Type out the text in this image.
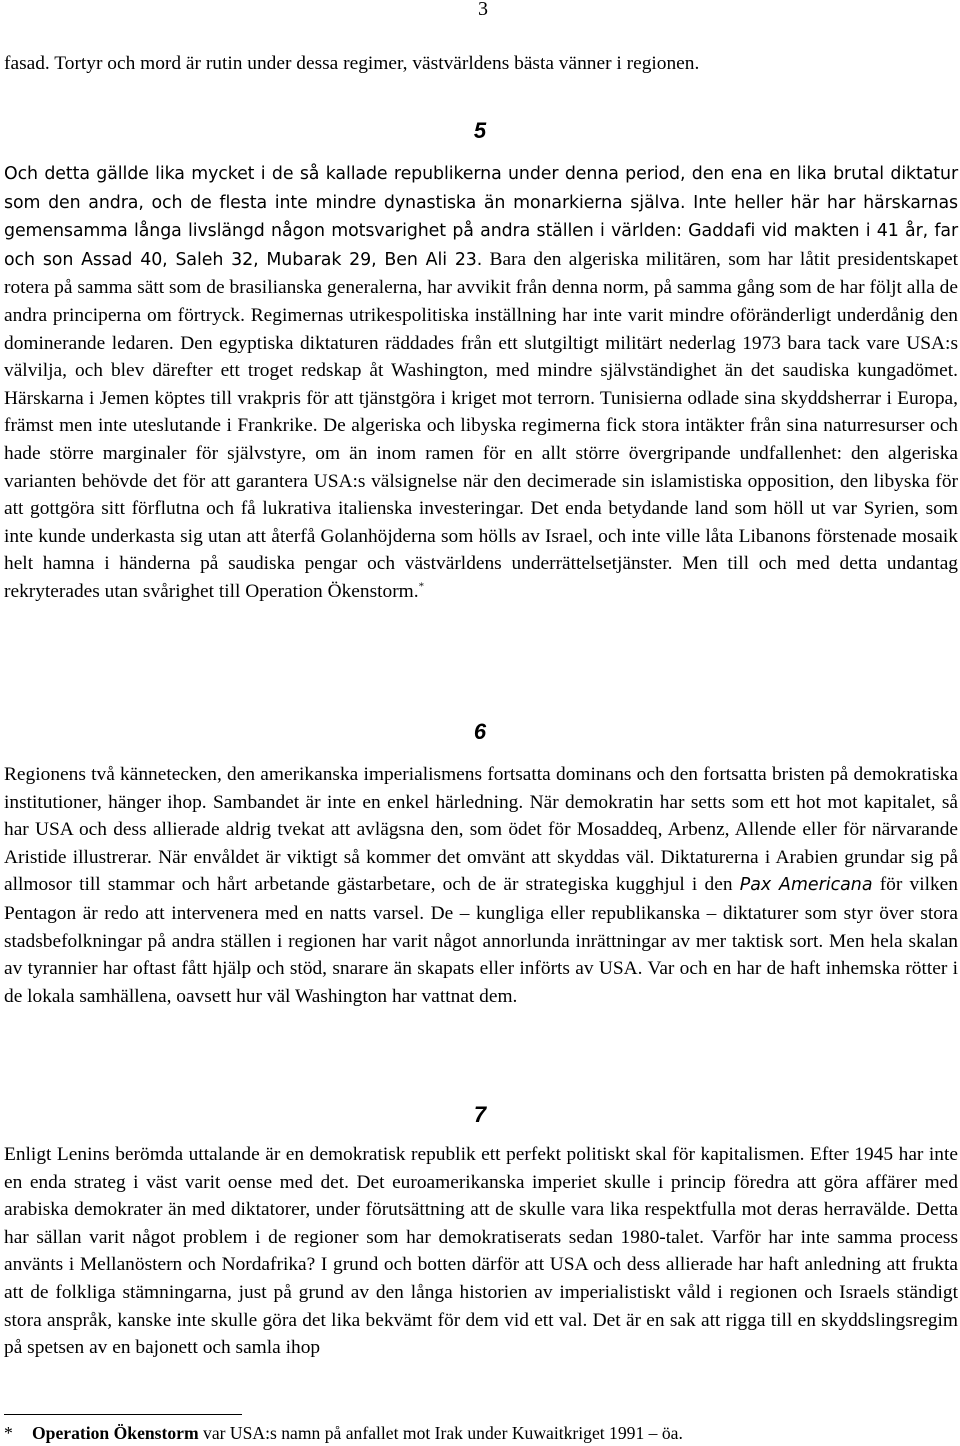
3

fasad. Tortyr och mord är rutin under dessa regimer, västvärldens bästa vänner i regionen.

5

Och detta gällde lika mycket i de så kallade republikerna under denna period, den ena en lika brutal diktatur som den andra, och de flesta inte mindre dynastiska än monarkierna själva. Inte heller här har härskarnas gemensamma långa livslängd någon motsvarighet på andra ställen i världen: Gaddafi vid makten i 41 år, far och son Assad 40, Saleh 32, Mubarak 29, Ben Ali 23. Bara den algeriska militären, som har låtit presidentskapet rotera på samma sätt som de brasilianska generalerna, har avvikit från denna norm, på samma gång som de har följt alla de andra principerna om förtryck. Regimernas utrikespolitiska inställning har inte varit mindre oföränderligt underdånig den dominerande ledaren. Den egyptiska diktaturen räddades från ett slutgiltigt militärt nederlag 1973 bara tack vare USA:s välvilja, och blev därefter ett troget redskap åt Washington, med mindre självständighet än det saudiska kungadömet. Härskarna i Jemen köptes till vrakpris för att tjänstgöra i kriget mot terrorn. Tunisierna odlade sina skyddsherrar i Europa, främst men inte uteslutande i Frankrike. De algeriska och libyska regimerna fick stora intäkter från sina naturresurser och hade större marginaler för självstyre, om än inom ramen för en allt större övergripande undfallenhet: den algeriska varianten behövde det för att garantera USA:s välsignelse när den decimerade sin islamistiska opposition, den libyska för att gottgöra sitt förflutna och få lukrativa italienska investeringar. Det enda betydande land som höll ut var Syrien, som inte kunde underkasta sig utan att återfå Golanhöjderna som hölls av Israel, och inte ville låta Libanons förstenade mosaik helt hamna i händerna på saudiska pengar och västvärldens underrättelsetjänster. Men till och med detta undantag rekryterades utan svårighet till Operation Ökenstorm.*

6

Regionens två kännetecken, den amerikanska imperialismens fortsatta dominans och den fortsatta bristen på demokratiska institutioner, hänger ihop. Sambandet är inte en enkel härledning. När demokratin har setts som ett hot mot kapitalet, så har USA och dess allierade aldrig tvekat att avlägsna den, som ödet för Mosaddeq, Arbenz, Allende eller för närvarande Aristide illustrerar. När envåldet är viktigt så kommer det omvänt att skyddas väl. Diktaturerna i Arabien grundar sig på allmosor till stammar och hårt arbetande gästarbetare, och de är strategiska kugghjul i den Pax Americana för vilken Pentagon är redo att intervenera med en natts varsel. De – kungliga eller republikanska – diktaturer som styr över stora stadsbefolkningar på andra ställen i regionen har varit något annorlunda inrättningar av mer taktisk sort. Men hela skalan av tyrannier har oftast fått hjälp och stöd, snarare än skapats eller införts av USA. Var och en har de haft inhemska rötter i de lokala samhällena, oavsett hur väl Washington har vattnat dem.

7

Enligt Lenins berömda uttalande är en demokratisk republik ett perfekt politiskt skal för kapitalismen. Efter 1945 har inte en enda strateg i väst varit oense med det. Det euroamerikanska imperiet skulle i princip föredra att göra affärer med arabiska demokrater än med diktatorer, under förutsättning att de skulle vara lika respektfulla mot deras herravälde. Detta har sällan varit något problem i de regioner som har demokratiserats sedan 1980-talet. Varför har inte samma process använts i Mellanöstern och Nordafrika? I grund och botten därför att USA och dess allierade har haft anledning att frukta att de folkliga stämningarna, just på grund av den långa historien av imperialistiskt våld i regionen och Israels ständigt stora anspråk, kanske inte skulle göra det lika bekvämt för dem vid ett val. Det är en sak att rigga till en skyddslingsregim på spetsen av en bajonett och samla ihop

* Operation Ökenstorm var USA:s namn på anfallet mot Irak under Kuwaitkriget 1991 – öa.
